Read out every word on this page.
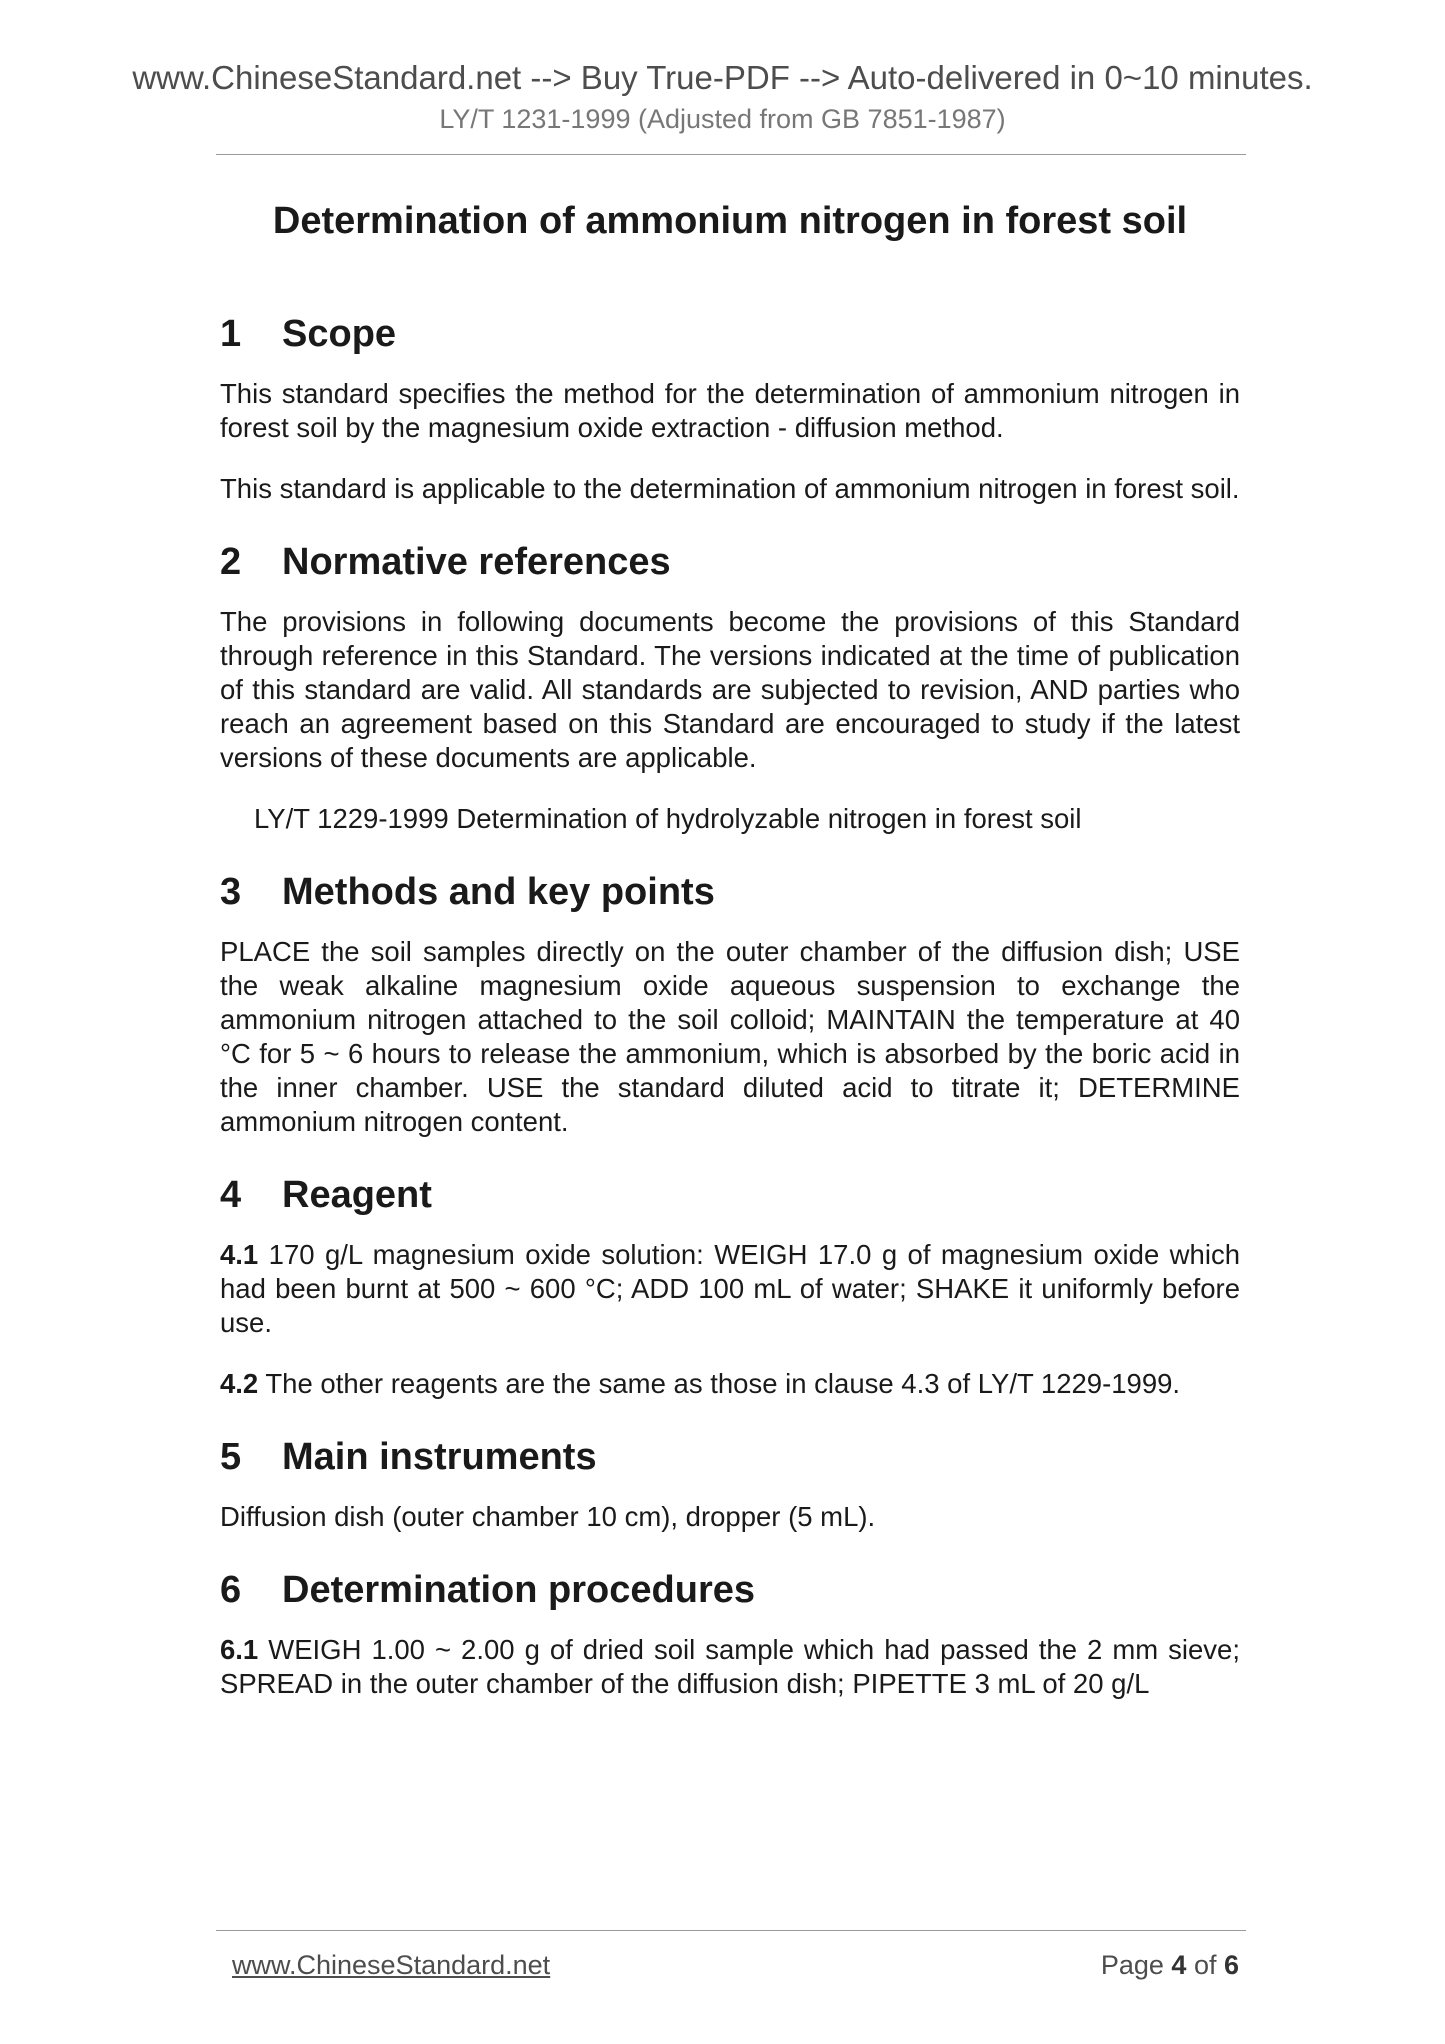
www.ChineseStandard.net --> Buy True-PDF --> Auto-delivered in 0~10 minutes.
LY/T 1231-1999 (Adjusted from GB 7851-1987)
Determination of ammonium nitrogen in forest soil
1 Scope

This standard specifies the method for the determination of ammonium nitrogen in forest soil by the magnesium oxide extraction - diffusion method.

This standard is applicable to the determination of ammonium nitrogen in forest soil.

2 Normative references

The provisions in following documents become the provisions of this Standard through reference in this Standard. The versions indicated at the time of publication of this standard are valid. All standards are subjected to revision, AND parties who reach an agreement based on this Standard are encouraged to study if the latest versions of these documents are applicable.

LY/T 1229-1999 Determination of hydrolyzable nitrogen in forest soil

3 Methods and key points

PLACE the soil samples directly on the outer chamber of the diffusion dish; USE the weak alkaline magnesium oxide aqueous suspension to exchange the ammonium nitrogen attached to the soil colloid; MAINTAIN the temperature at 40 °C for 5 ~ 6 hours to release the ammonium, which is absorbed by the boric acid in the inner chamber. USE the standard diluted acid to titrate it; DETERMINE ammonium nitrogen content.

4 Reagent

4.1 170 g/L magnesium oxide solution: WEIGH 17.0 g of magnesium oxide which had been burnt at 500 ~ 600 °C; ADD 100 mL of water; SHAKE it uniformly before use.

4.2 The other reagents are the same as those in clause 4.3 of LY/T 1229-1999.

5 Main instruments

Diffusion dish (outer chamber 10 cm), dropper (5 mL).

6 Determination procedures

6.1 WEIGH 1.00 ~ 2.00 g of dried soil sample which had passed the 2 mm sieve; SPREAD in the outer chamber of the diffusion dish; PIPETTE 3 mL of 20 g/L

www.ChineseStandard.net	Page 4 of 6
